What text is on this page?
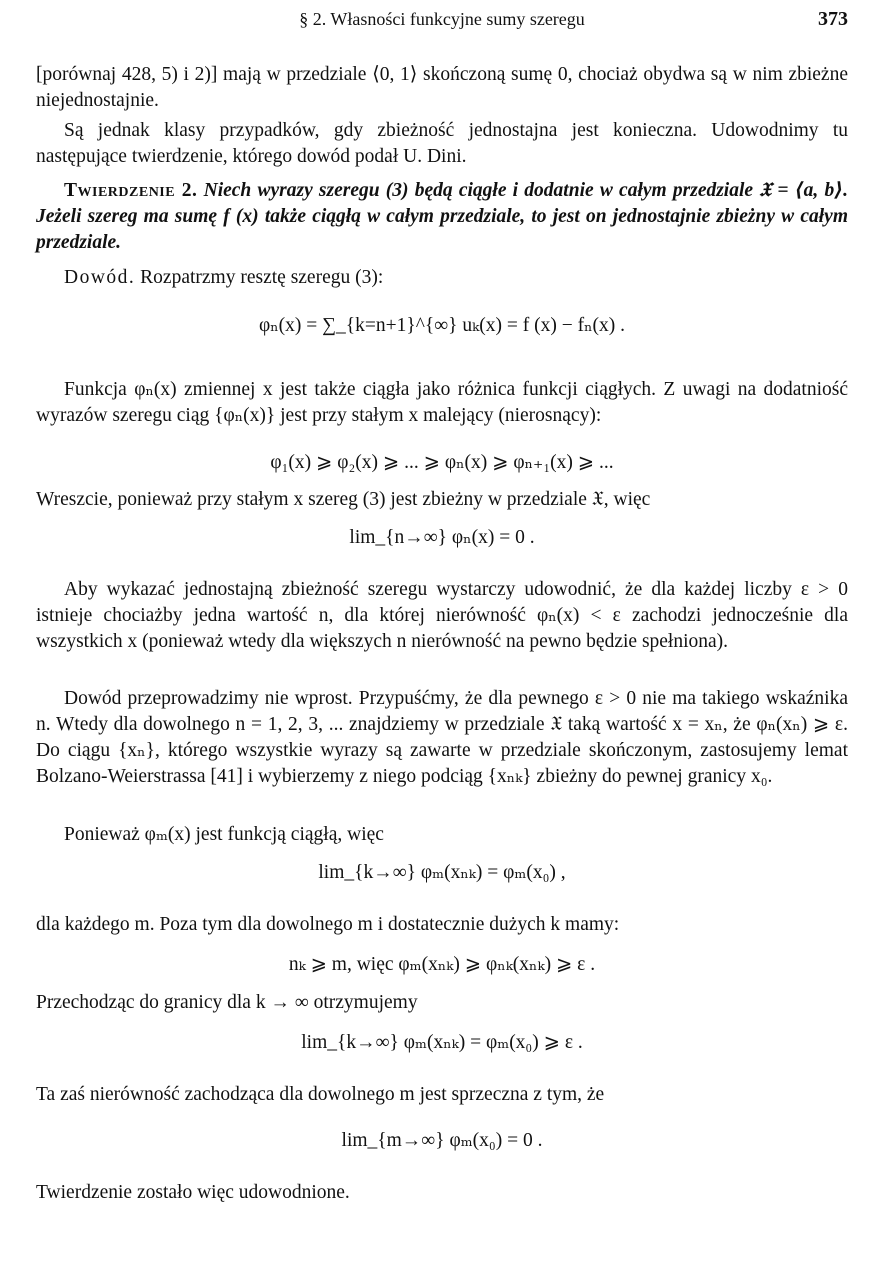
§ 2. Własności funkcyjne sumy szeregu	373

[porównaj 428, 5) i 2)] mają w przedziale ⟨0, 1⟩ skończoną sumę 0, chociaż obydwa są w nim zbieżne niejednostajnie.

Są jednak klasy przypadków, gdy zbieżność jednostajna jest konieczna. Udowodnimy tu następujące twierdzenie, którego dowód podał U. Dini.

Twierdzenie 2. Niech wyrazy szeregu (3) będą ciągłe i dodatnie w całym przedziale 𝔛 = ⟨a, b⟩. Jeżeli szereg ma sumę f (x) także ciągłą w całym przedziale, to jest on jednostajnie zbieżny w całym przedziale.

Dowód. Rozpatrzmy resztę szeregu (3):

φₙ(x) = ∑_{k=n+1}^{∞} uₖ(x) = f (x) − fₙ(x) .

Funkcja φₙ(x) zmiennej x jest także ciągła jako różnica funkcji ciągłych. Z uwagi na dodatniość wyrazów szeregu ciąg {φₙ(x)} jest przy stałym x malejący (nierosnący):

φ₁(x) ⩾ φ₂(x) ⩾ ... ⩾ φₙ(x) ⩾ φₙ₊₁(x) ⩾ ...

Wreszcie, ponieważ przy stałym x szereg (3) jest zbieżny w przedziale 𝔛, więc

lim_{n→∞} φₙ(x) = 0 .

Aby wykazać jednostajną zbieżność szeregu wystarczy udowodnić, że dla każdej liczby ε > 0 istnieje chociażby jedna wartość n, dla której nierówność φₙ(x) < ε zachodzi jednocześnie dla wszystkich x (ponieważ wtedy dla większych n nierówność na pewno będzie spełniona).

Dowód przeprowadzimy nie wprost. Przypuśćmy, że dla pewnego ε > 0 nie ma takiego wskaźnika n. Wtedy dla dowolnego n = 1, 2, 3, ... znajdziemy w przedziale 𝔛 taką wartość x = xₙ, że φₙ(xₙ) ⩾ ε. Do ciągu {xₙ}, którego wszystkie wyrazy są zawarte w przedziale skończonym, zastosujemy lemat Bolzano-Weierstrassa [41] i wybierzemy z niego podciąg {xₙₖ} zbieżny do pewnej granicy x₀.

Ponieważ φₘ(x) jest funkcją ciągłą, więc

lim_{k→∞} φₘ(xₙₖ) = φₘ(x₀) ,

dla każdego m. Poza tym dla dowolnego m i dostatecznie dużych k mamy:

nₖ ⩾ m, więc φₘ(xₙₖ) ⩾ φₙₖ(xₙₖ) ⩾ ε .

Przechodząc do granicy dla k → ∞ otrzymujemy

lim_{k→∞} φₘ(xₙₖ) = φₘ(x₀) ⩾ ε .

Ta zaś nierówność zachodząca dla dowolnego m jest sprzeczna z tym, że

lim_{m→∞} φₘ(x₀) = 0 .

Twierdzenie zostało więc udowodnione.
